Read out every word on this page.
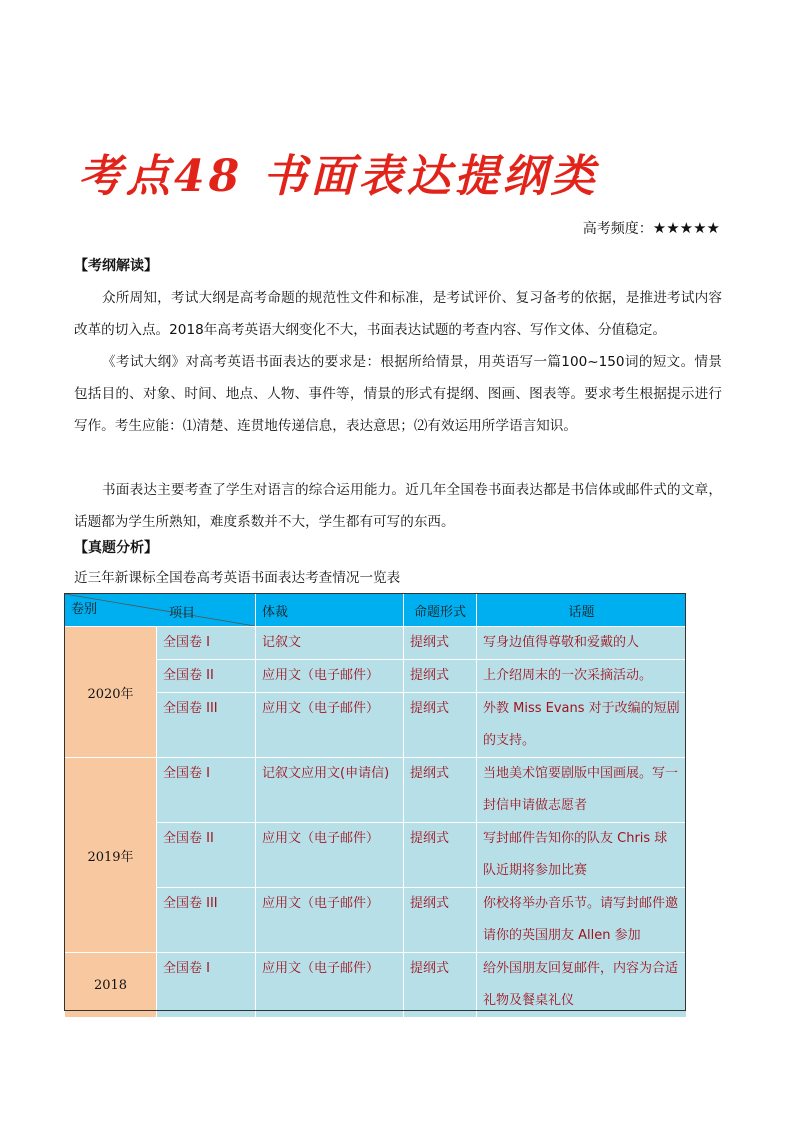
考点48 书面表达提纲类
高考频度：★★★★★
【考纲解读】

众所周知，考试大纲是高考命题的规范性文件和标准，是考试评价、复习备考的依据，是推进考试内容改革的切入点。2018年高考英语大纲变化不大，书面表达试题的考查内容、写作文体、分值稳定。

《考试大纲》对高考英语书面表达的要求是：根据所给情景，用英语写一篇100~150词的短文。情景包括目的、对象、时间、地点、人物、事件等，情景的形式有提纲、图画、图表等。要求考生根据提示进行写作。考生应能：⑴清楚、连贯地传递信息，表达意思；⑵有效运用所学语言知识。

书面表达主要考查了学生对语言的综合运用能力。近几年全国卷书面表达都是书信体或邮件式的文章，话题都为学生所熟知，难度系数并不大，学生都有可写的东西。

【真题分析】
近三年新课标全国卷高考英语书面表达考查情况一览表
卷别 项目		体裁	命题形式	话题
2020年	全国卷 I	记叙文	提纲式	写身边值得尊敬和爱戴的人
	全国卷 II	应用文（电子邮件）	提纲式	上介绍周末的一次采摘活动。
	全国卷 III	应用文（电子邮件）	提纲式	外教 Miss Evans 对于改编的短剧的支持。
2019年	全国卷 I	记叙文应用文(申请信)	提纲式	当地美术馆要剧版中国画展。写一封信申请做志愿者
	全国卷 II	应用文（电子邮件）	提纲式	写封邮件告知你的队友 Chris 球队近期将参加比赛
	全国卷 III	应用文（电子邮件）	提纲式	你校将举办音乐节。请写封邮件邀请你的英国朋友 Allen 参加
2018	全国卷 I	应用文（电子邮件）	提纲式	给外国朋友回复邮件，内容为合适礼物及餐桌礼仪
